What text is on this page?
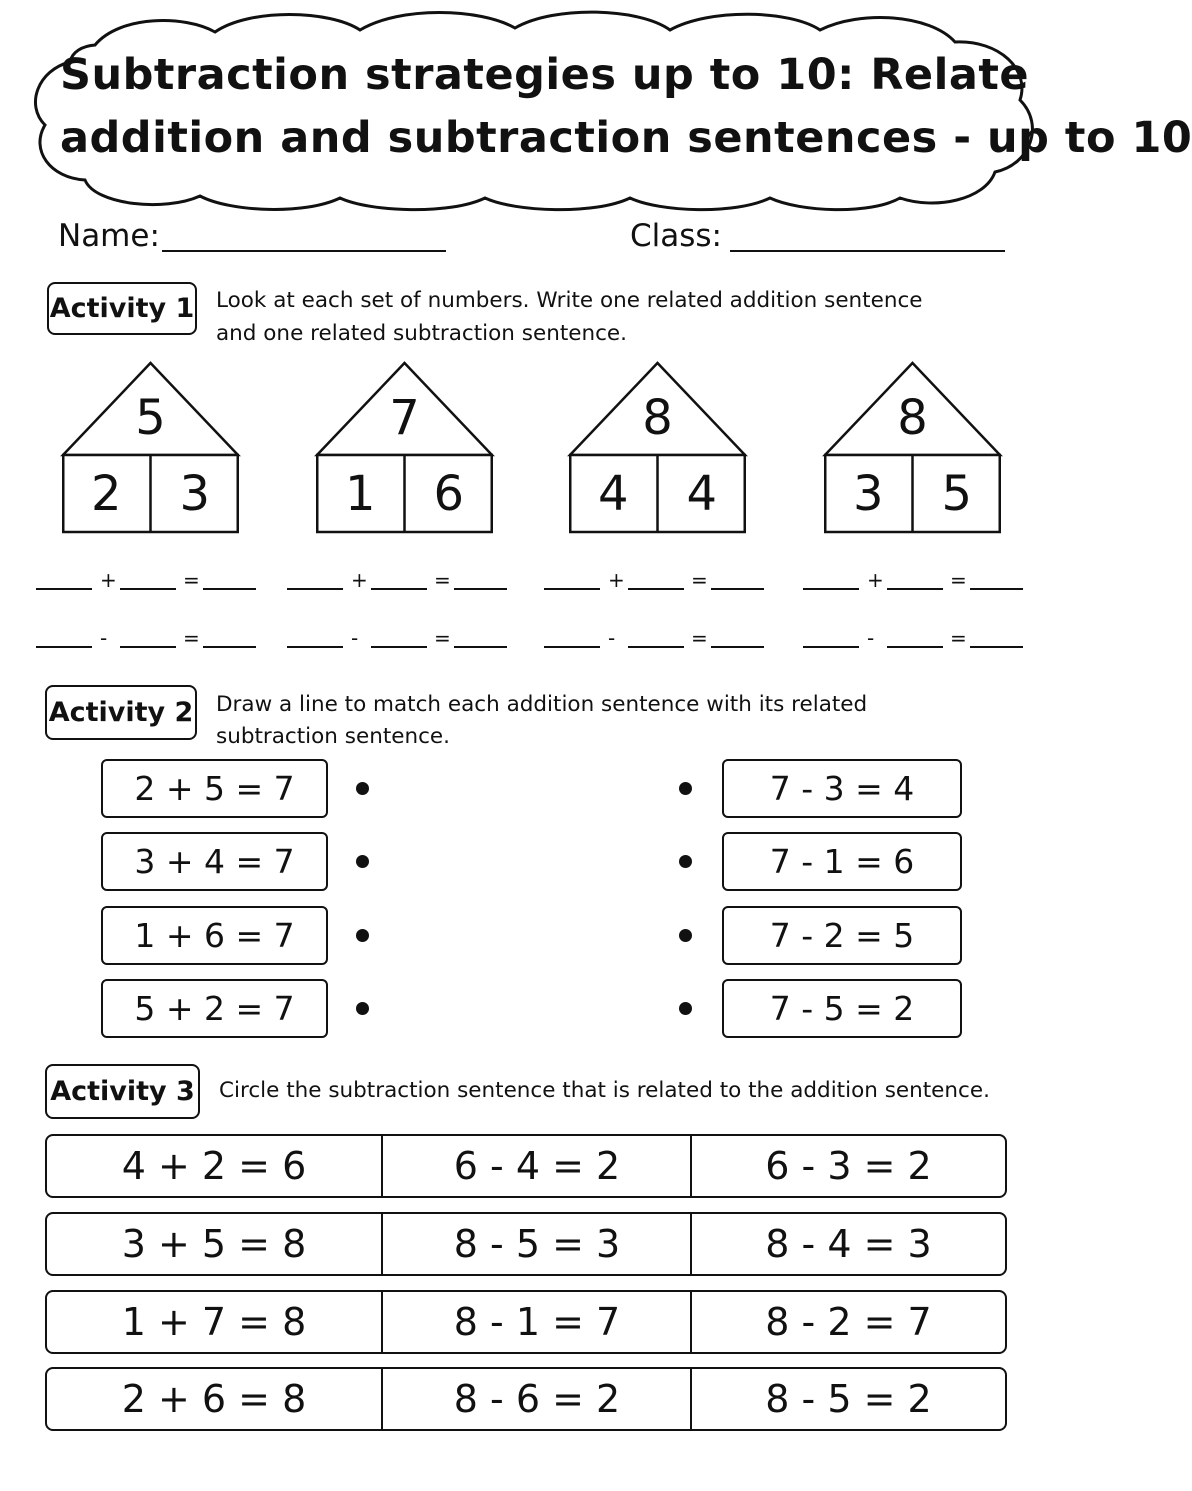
Subtraction strategies up to 10: Relate
addition and subtraction sentences - up to 10
Name:	Class:
Activity 1 Look at each set of numbers. Write one related addition sentence
and one related subtraction sentence.
5
2	3
7
1	6
8
4	4
8
3	5
+	=	+	=	+	=	+	=
-	=	-	=	-	=	-	=
Activity 2 Draw a line to match each addition sentence with its related
subtraction sentence.
2 + 5 = 7	7 - 3 = 4
3 + 4 = 7	7 - 1 = 6
1 + 6 = 7	7 - 2 = 5
5 + 2 = 7	7 - 5 = 2
Activity 3 Circle the subtraction sentence that is related to the addition sentence.
4 + 2 = 6	6 - 4 = 2	6 - 3 = 2
3 + 5 = 8	8 - 5 = 3	8 - 4 = 3
1 + 7 = 8	8 - 1 = 7	8 - 2 = 7
2 + 6 = 8	8 - 6 = 2	8 - 5 = 2
